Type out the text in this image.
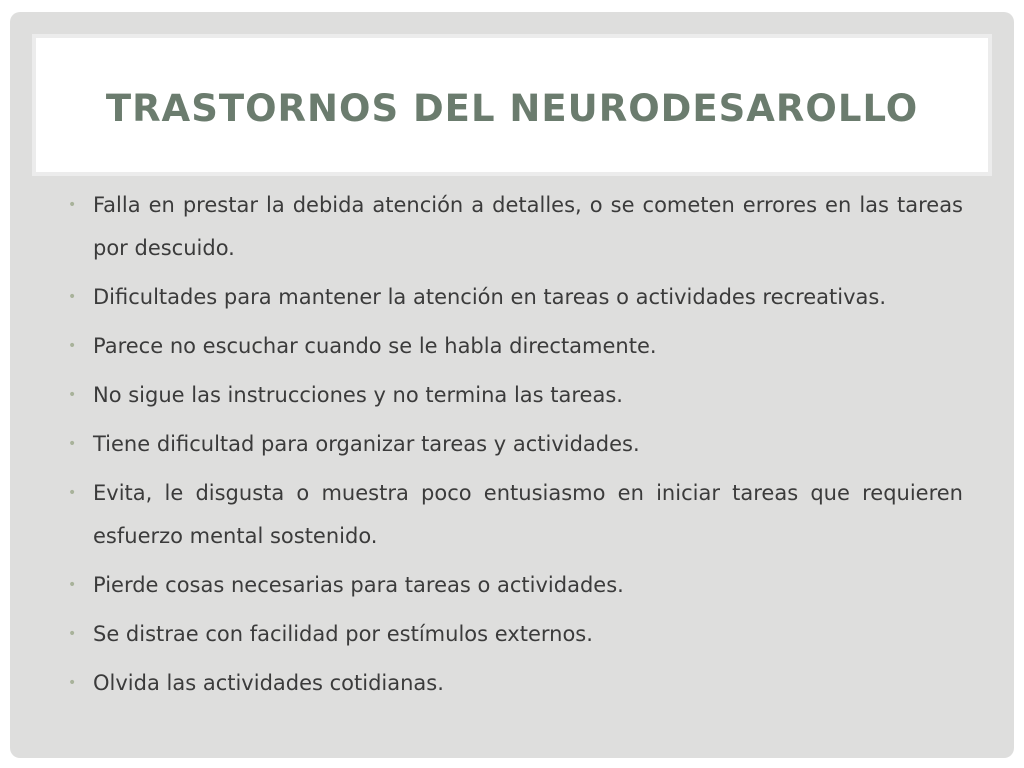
TRASTORNOS DEL NEURODESAROLLO
• Falla en prestar la debida atención a detalles, o se cometen errores en las tareas por descuido.
• Dificultades para mantener la atención en tareas o actividades recreativas.
• Parece no escuchar cuando se le habla directamente.
• No sigue las instrucciones y no termina las tareas.
• Tiene dificultad para organizar tareas y actividades.
• Evita, le disgusta o muestra poco entusiasmo en iniciar tareas que requieren esfuerzo mental sostenido.
• Pierde cosas necesarias para tareas o actividades.
• Se distrae con facilidad por estímulos externos.
• Olvida las actividades cotidianas.
